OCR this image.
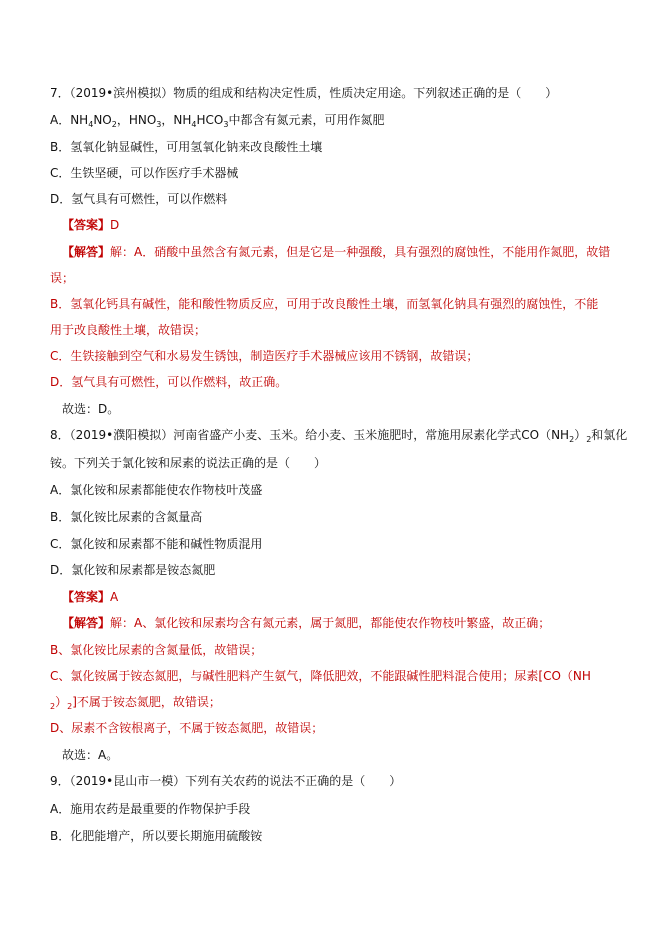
7．（2019•滨州模拟）物质的组成和结构决定性质，性质决定用途。下列叙述正确的是（　　）
A．$NH_4NO_2$，$HNO_3$，$NH_4HCO_3$中都含有氮元素，可用作氮肥
B．氢氧化钠显碱性，可用氢氧化钠来改良酸性土壤
C．生铁坚硬，可以作医疗手术器械
D．氢气具有可燃性，可以作燃料
【答案】D
【解答】解：A．硝酸中虽然含有氮元素，但是它是一种强酸，具有强烈的腐蚀性，不能用作氮肥，故错
误；
B．氢氧化钙具有碱性，能和酸性物质反应，可用于改良酸性土壤，而氢氧化钠具有强烈的腐蚀性，不能
用于改良酸性土壤，故错误；
C．生铁接触到空气和水易发生锈蚀，制造医疗手术器械应该用不锈钢，故错误；
D．氢气具有可燃性，可以作燃料，故正确。
故选：D。
8．（2019•濮阳模拟）河南省盛产小麦、玉米。给小麦、玉米施肥时，常施用尿素化学式$CO(NH_2)_2$和氯化
铵。下列关于氯化铵和尿素的说法正确的是（　　）
A．氯化铵和尿素都能使农作物枝叶茂盛
B．氯化铵比尿素的含氮量高
C．氯化铵和尿素都不能和碱性物质混用
D．氯化铵和尿素都是铵态氮肥
【答案】A
【解答】解：A、氯化铵和尿素均含有氮元素，属于氮肥，都能使农作物枝叶繁盛，故正确；
B、氯化铵比尿素的含氮量低，故错误；
C、氯化铵属于铵态氮肥，与碱性肥料产生氨气，降低肥效，不能跟碱性肥料混合使用；尿素[CO（NH
$_2)_2$]不属于铵态氮肥，故错误；
D、尿素不含铵根离子，不属于铵态氮肥，故错误；
故选：A。
9．（2019•昆山市一模）下列有关农药的说法不正确的是（　　）
A．施用农药是最重要的作物保护手段
B．化肥能增产，所以要长期施用硫酸铵
